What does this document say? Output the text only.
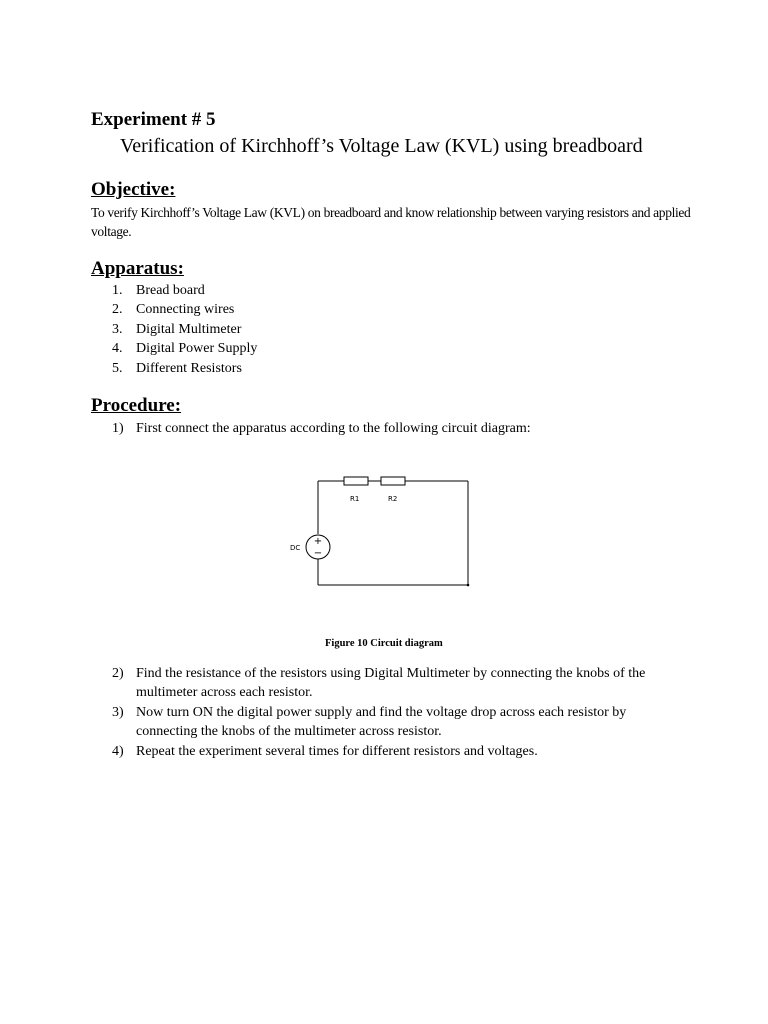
Experiment # 5
Verification of Kirchhoff’s Voltage Law (KVL) using breadboard
Objective:
To verify Kirchhoff’s Voltage Law (KVL) on breadboard and know relationship between varying resistors and applied voltage.
Apparatus:
1. Bread board
2. Connecting wires
3. Digital Multimeter
4. Digital Power Supply
5. Different Resistors
Procedure:
1) First connect the apparatus according to the following circuit diagram:
R1	R2
DC
+
−
Figure 10 Circuit diagram
2) Find the resistance of the resistors using Digital Multimeter by connecting the knobs of the multimeter across each resistor.
3) Now turn ON the digital power supply and find the voltage drop across each resistor by connecting the knobs of the multimeter across resistor.
4) Repeat the experiment several times for different resistors and voltages.
